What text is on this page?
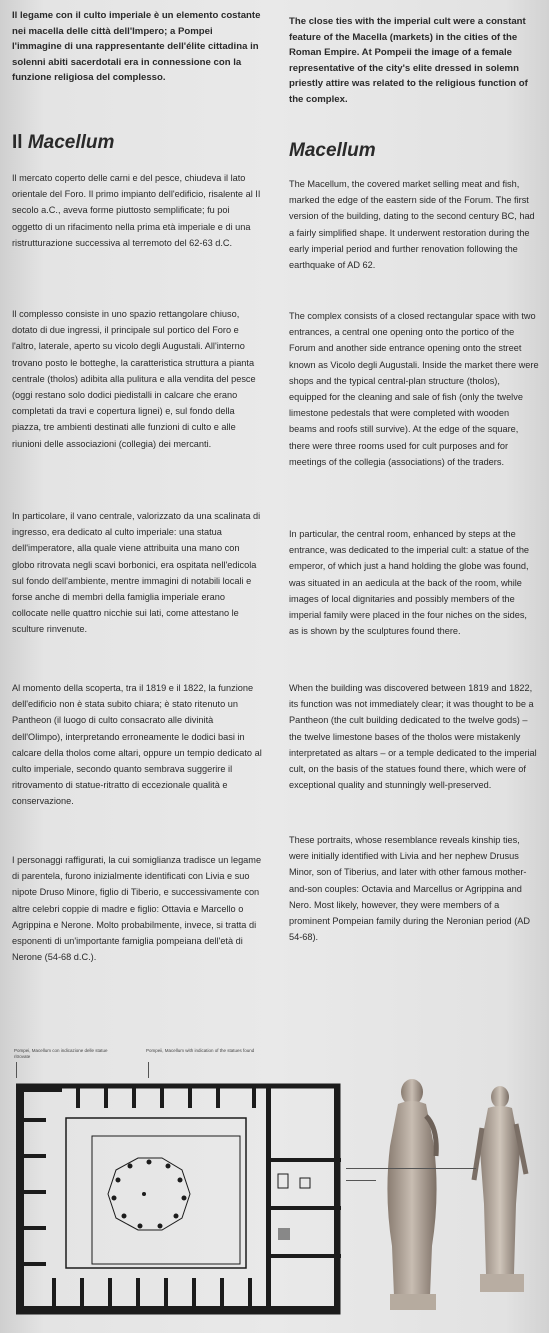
Il legame con il culto imperiale è un elemento costante nei macella delle città dell'Impero; a Pompei l'immagine di una rappresentante dell'élite cittadina in solenni abiti sacerdotali era in connessione con la funzione religiosa del complesso.

Il Macellum

Il mercato coperto delle carni e del pesce, chiudeva il lato orientale del Foro. Il primo impianto dell'edificio, risalente al II secolo a.C., aveva forme piuttosto semplificate; fu poi oggetto di un rifacimento nella prima età imperiale e di una ristrutturazione successiva al terremoto del 62-63 d.C.

Il complesso consiste in uno spazio rettangolare chiuso, dotato di due ingressi, il principale sul portico del Foro e l'altro, laterale, aperto su vicolo degli Augustali. All'interno trovano posto le botteghe, la caratteristica struttura a pianta centrale (tholos) adibita alla pulitura e alla vendita del pesce (oggi restano solo dodici piedistalli in calcare che erano completati da travi e copertura lignei) e, sul fondo della piazza, tre ambienti destinati alle funzioni di culto e alle riunioni delle associazioni (collegia) dei mercanti.

In particolare, il vano centrale, valorizzato da una scalinata di ingresso, era dedicato al culto imperiale: una statua dell'imperatore, alla quale viene attribuita una mano con globo ritrovata negli scavi borbonici, era ospitata nell'edicola sul fondo dell'ambiente, mentre immagini di notabili locali e forse anche di membri della famiglia imperiale erano collocate nelle quattro nicchie sui lati, come attestano le sculture rinvenute.

Al momento della scoperta, tra il 1819 e il 1822, la funzione dell'edificio non è stata subito chiara; è stato ritenuto un Pantheon (il luogo di culto consacrato alle divinità dell'Olimpo), interpretando erroneamente le dodici basi in calcare della tholos come altari, oppure un tempio dedicato al culto imperiale, secondo quanto sembrava suggerire il ritrovamento di statue-ritratto di eccezionale qualità e conservazione.

I personaggi raffigurati, la cui somiglianza tradisce un legame di parentela, furono inizialmente identificati con Livia e suo nipote Druso Minore, figlio di Tiberio, e successivamente con altre celebri coppie di madre e figlio: Ottavia e Marcello o Agrippina e Nerone. Molto probabilmente, invece, si tratta di esponenti di un'importante famiglia pompeiana dell'età di Nerone (54-68 d.C.).

The close ties with the imperial cult were a constant feature of the Macella (markets) in the cities of the Roman Empire. At Pompeii the image of a female representative of the city's elite dressed in solemn priestly attire was related to the religious function of the complex.

Macellum

The Macellum, the covered market selling meat and fish, marked the edge of the eastern side of the Forum. The first version of the building, dating to the second century BC, had a fairly simplified shape. It underwent restoration during the early imperial period and further renovation following the earthquake of AD 62.

The complex consists of a closed rectangular space with two entrances, a central one opening onto the portico of the Forum and another side entrance opening onto the street known as Vicolo degli Augustali. Inside the market there were shops and the typical central-plan structure (tholos), equipped for the cleaning and sale of fish (only the twelve limestone pedestals that were completed with wooden beams and roofs still survive). At the edge of the square, there were three rooms used for cult purposes and for meetings of the collegia (associations) of the traders.

In particular, the central room, enhanced by steps at the entrance, was dedicated to the imperial cult: a statue of the emperor, of which just a hand holding the globe was found, was situated in an aedicula at the back of the room, while images of local dignitaries and possibly members of the imperial family were placed in the four niches on the sides, as is shown by the sculptures found there.

When the building was discovered between 1819 and 1822, its function was not immediately clear; it was thought to be a Pantheon (the cult building dedicated to the twelve gods) – the twelve limestone bases of the tholos were mistakenly interpretated as altars – or a temple dedicated to the imperial cult, on the basis of the statues found there, which were of exceptional quality and stunningly well-preserved.

These portraits, whose resemblance reveals kinship ties, were initially identified with Livia and her nephew Drusus Minor, son of Tiberius, and later with other famous mother-and-son couples: Octavia and Marcellus or Agrippina and Nero. Most likely, however, they were members of a prominent Pompeian family during the Neronian period (AD 54-68).

Pompei, Macellum con indicazione delle statue ritrovate
Pompeii, Macellum with indication of the statues found
